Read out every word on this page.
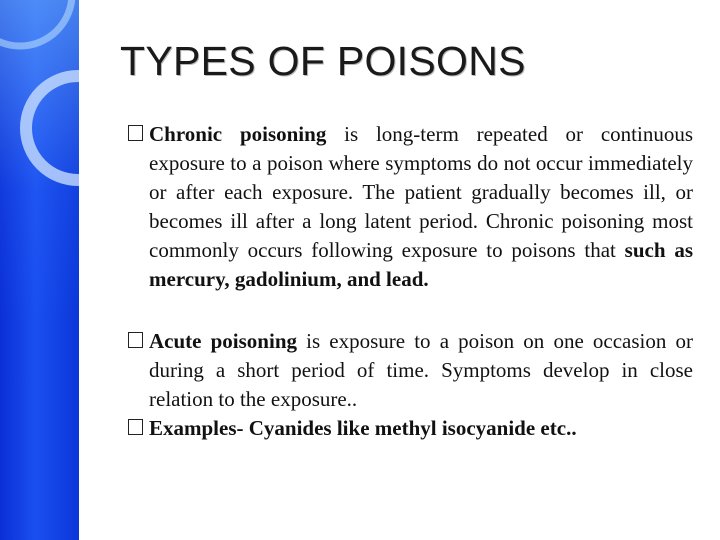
TYPES OF POISONS
Chronic poisoning is long-term repeated or continuous exposure to a poison where symptoms do not occur immediately or after each exposure. The patient gradually becomes ill, or becomes ill after a long latent period. Chronic poisoning most commonly occurs following exposure to poisons that such as mercury, gadolinium, and lead.
Acute poisoning is exposure to a poison on one occasion or during a short period of time. Symptoms develop in close relation to the exposure..
Examples- Cyanides like methyl isocyanide etc..
